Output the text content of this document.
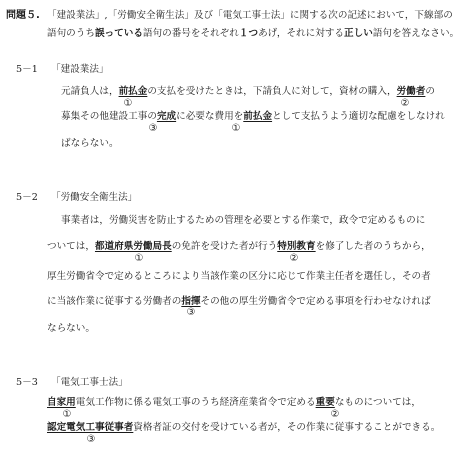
問題５. 「建設業法」,「労働安全衛生法」及び「電気工事士法」に関する次の記述において，下線部の
語句のうち誤っている語句の番号をそれぞれ１つあげ，それに対する正しい語句を答えなさい。
5－1 「建設業法」
元請負人は，前払金の支払を受けたときは，下請負人に対して，資材の購入，労働者の
①	②
募集その他建設工事の完成に必要な費用を前払金として支払うよう適切な配慮をしなけれ
③	①
ばならない。
5－2 「労働安全衛生法」
事業者は，労働災害を防止するための管理を必要とする作業で，政令で定めるものに
ついては，都道府県労働局長の免許を受けた者が行う特別教育を修了した者のうちから，
①	②
厚生労働省令で定めるところにより当該作業の区分に応じて作業主任者を選任し，その者
に当該作業に従事する労働者の指揮その他の厚生労働省令で定める事項を行わせなければ
③
ならない。
5－3 「電気工事士法」
自家用電気工作物に係る電気工事のうち経済産業省令で定める重要なものについては，
①	②
認定電気工事従事者資格者証の交付を受けている者が，その作業に従事することができる。
③
